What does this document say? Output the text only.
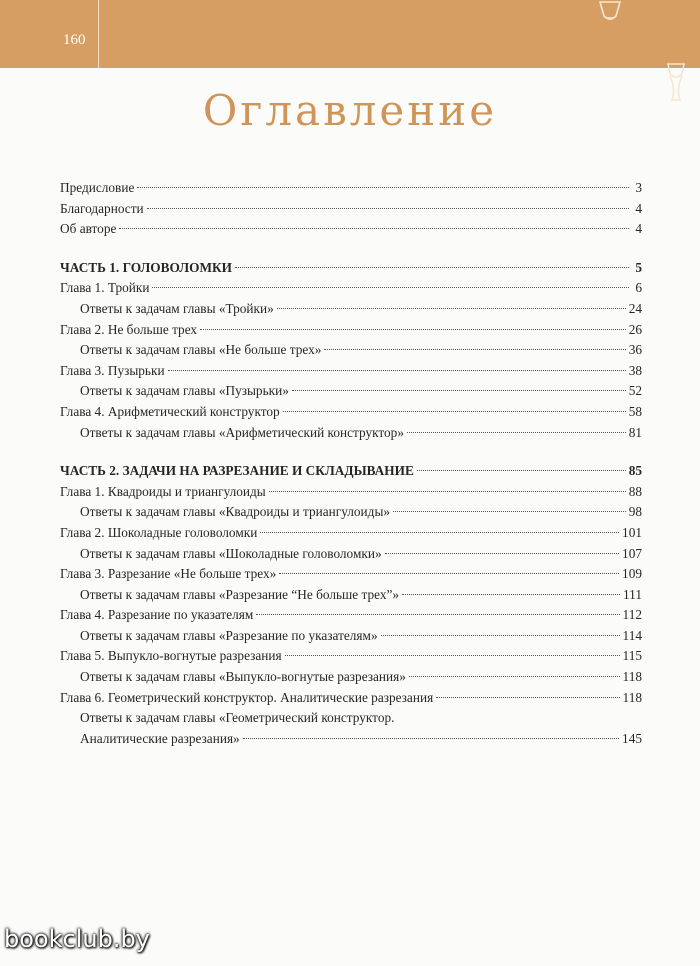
160
Оглавление
Предисловие	3
Благодарности	4
Об авторе	4
ЧАСТЬ 1. ГОЛОВОЛОМКИ	5
Глава 1. Тройки	6
Ответы к задачам главы «Тройки»	24
Глава 2. Не больше трех	26
Ответы к задачам главы «Не больше трех»	36
Глава 3. Пузырьки	38
Ответы к задачам главы «Пузырьки»	52
Глава 4. Арифметический конструктор	58
Ответы к задачам главы «Арифметический конструктор»	81
ЧАСТЬ 2. ЗАДАЧИ НА РАЗРЕЗАНИЕ И СКЛАДЫВАНИЕ	85
Глава 1. Квадроиды и триангулоиды	88
Ответы к задачам главы «Квадроиды и триангулоиды»	98
Глава 2. Шоколадные головоломки	101
Ответы к задачам главы «Шоколадные головоломки»	107
Глава 3. Разрезание «Не больше трех»	109
Ответы к задачам главы «Разрезание “Не больше трех”»	111
Глава 4. Разрезание по указателям	112
Ответы к задачам главы «Разрезание по указателям»	114
Глава 5. Выпукло-вогнутые разрезания	115
Ответы к задачам главы «Выпукло-вогнутые разрезания»	118
Глава 6. Геометрический конструктор. Аналитические разрезания	118
Ответы к задачам главы «Геометрический конструктор.
Аналитические разрезания»	145
bookclub.by
